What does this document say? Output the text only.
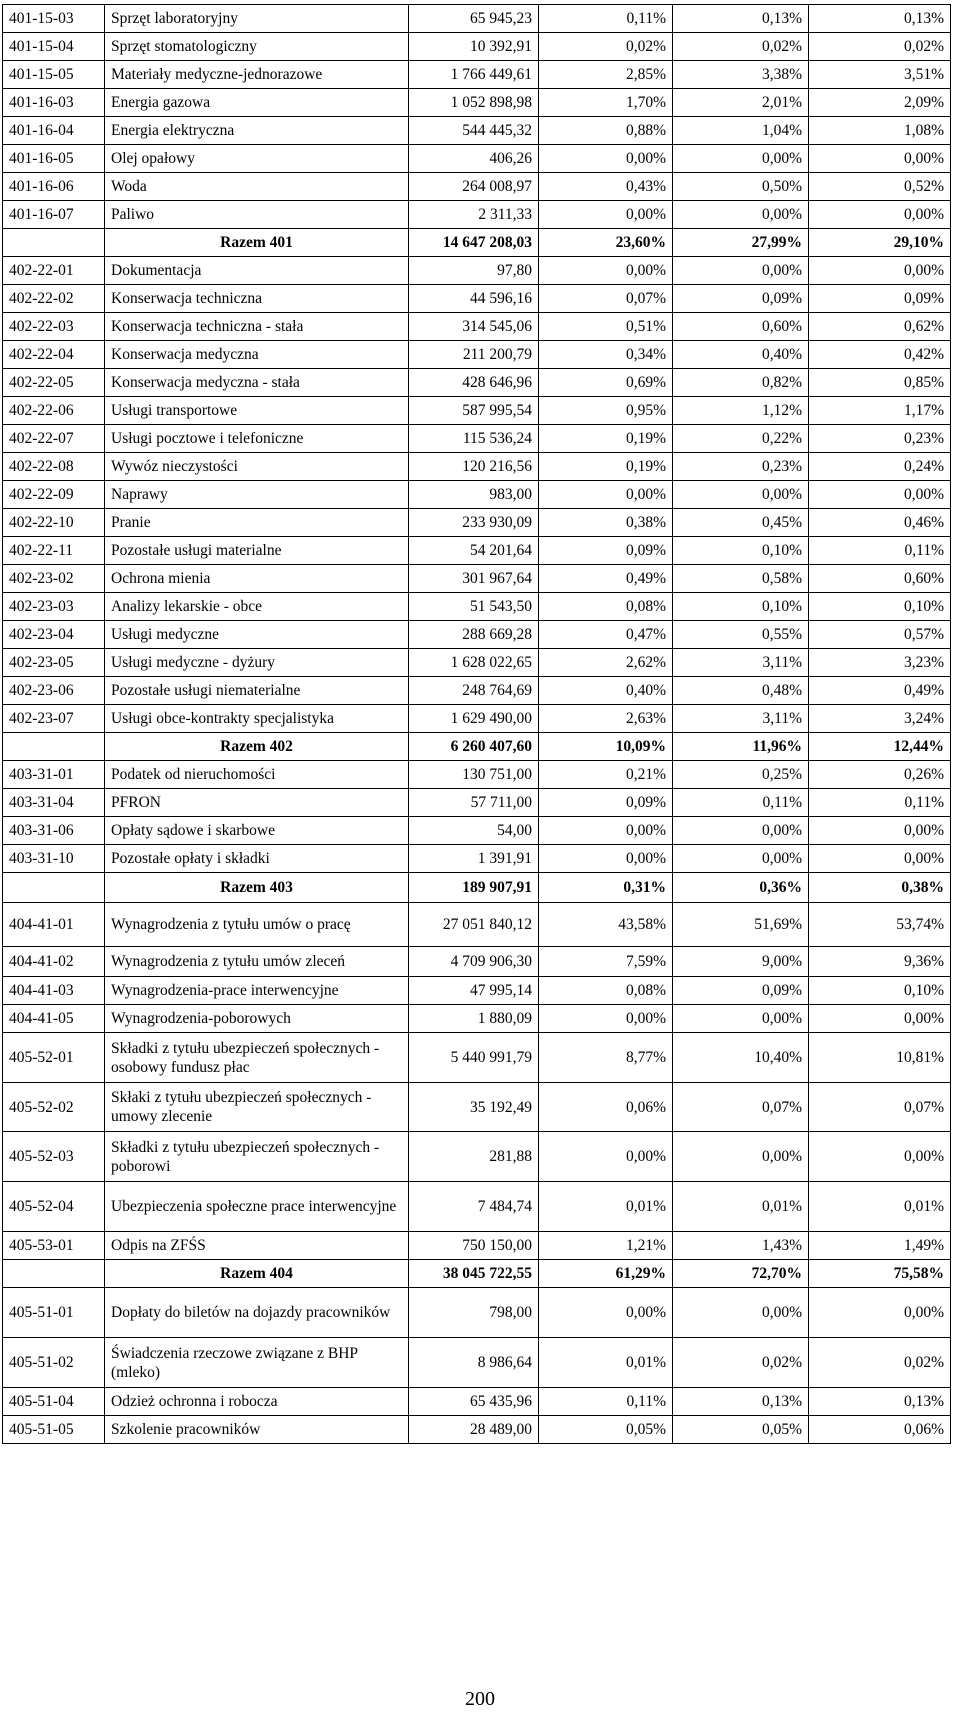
401-15-03	Sprzęt laboratoryjny	65 945,23	0,11%	0,13%	0,13%
401-15-04	Sprzęt stomatologiczny	10 392,91	0,02%	0,02%	0,02%
401-15-05	Materiały medyczne-jednorazowe	1 766 449,61	2,85%	3,38%	3,51%
401-16-03	Energia gazowa	1 052 898,98	1,70%	2,01%	2,09%
401-16-04	Energia elektryczna	544 445,32	0,88%	1,04%	1,08%
401-16-05	Olej opałowy	406,26	0,00%	0,00%	0,00%
401-16-06	Woda	264 008,97	0,43%	0,50%	0,52%
401-16-07	Paliwo	2 311,33	0,00%	0,00%	0,00%
	Razem 401	14 647 208,03	23,60%	27,99%	29,10%
402-22-01	Dokumentacja	97,80	0,00%	0,00%	0,00%
402-22-02	Konserwacja techniczna	44 596,16	0,07%	0,09%	0,09%
402-22-03	Konserwacja techniczna - stała	314 545,06	0,51%	0,60%	0,62%
402-22-04	Konserwacja medyczna	211 200,79	0,34%	0,40%	0,42%
402-22-05	Konserwacja medyczna - stała	428 646,96	0,69%	0,82%	0,85%
402-22-06	Usługi transportowe	587 995,54	0,95%	1,12%	1,17%
402-22-07	Usługi pocztowe i telefoniczne	115 536,24	0,19%	0,22%	0,23%
402-22-08	Wywóz nieczystości	120 216,56	0,19%	0,23%	0,24%
402-22-09	Naprawy	983,00	0,00%	0,00%	0,00%
402-22-10	Pranie	233 930,09	0,38%	0,45%	0,46%
402-22-11	Pozostałe usługi materialne	54 201,64	0,09%	0,10%	0,11%
402-23-02	Ochrona mienia	301 967,64	0,49%	0,58%	0,60%
402-23-03	Analizy lekarskie - obce	51 543,50	0,08%	0,10%	0,10%
402-23-04	Usługi medyczne	288 669,28	0,47%	0,55%	0,57%
402-23-05	Usługi medyczne - dyżury	1 628 022,65	2,62%	3,11%	3,23%
402-23-06	Pozostałe usługi niematerialne	248 764,69	0,40%	0,48%	0,49%
402-23-07	Usługi obce-kontrakty specjalistyka	1 629 490,00	2,63%	3,11%	3,24%
	Razem 402	6 260 407,60	10,09%	11,96%	12,44%
403-31-01	Podatek od nieruchomości	130 751,00	0,21%	0,25%	0,26%
403-31-04	PFRON	57 711,00	0,09%	0,11%	0,11%
403-31-06	Opłaty sądowe i skarbowe	54,00	0,00%	0,00%	0,00%
403-31-10	Pozostałe opłaty i składki	1 391,91	0,00%	0,00%	0,00%
	Razem 403	189 907,91	0,31%	0,36%	0,38%
404-41-01	Wynagrodzenia z tytułu umów o pracę	27 051 840,12	43,58%	51,69%	53,74%
404-41-02	Wynagrodzenia z tytułu umów zleceń	4 709 906,30	7,59%	9,00%	9,36%
404-41-03	Wynagrodzenia-prace interwencyjne	47 995,14	0,08%	0,09%	0,10%
404-41-05	Wynagrodzenia-poborowych	1 880,09	0,00%	0,00%	0,00%
405-52-01	Składki z tytułu ubezpieczeń społecznych - osobowy fundusz płac	5 440 991,79	8,77%	10,40%	10,81%
405-52-02	Skłaki z tytułu ubezpieczeń społecznych - umowy zlecenie	35 192,49	0,06%	0,07%	0,07%
405-52-03	Składki z tytułu ubezpieczeń społecznych - poborowi	281,88	0,00%	0,00%	0,00%
405-52-04	Ubezpieczenia społeczne prace interwencyjne	7 484,74	0,01%	0,01%	0,01%
405-53-01	Odpis na ZFŚS	750 150,00	1,21%	1,43%	1,49%
	Razem 404	38 045 722,55	61,29%	72,70%	75,58%
405-51-01	Dopłaty do biletów na dojazdy pracowników	798,00	0,00%	0,00%	0,00%
405-51-02	Świadczenia rzeczowe związane z BHP (mleko)	8 986,64	0,01%	0,02%	0,02%
405-51-04	Odzież ochronna i robocza	65 435,96	0,11%	0,13%	0,13%
405-51-05	Szkolenie pracowników	28 489,00	0,05%	0,05%	0,06%
200
